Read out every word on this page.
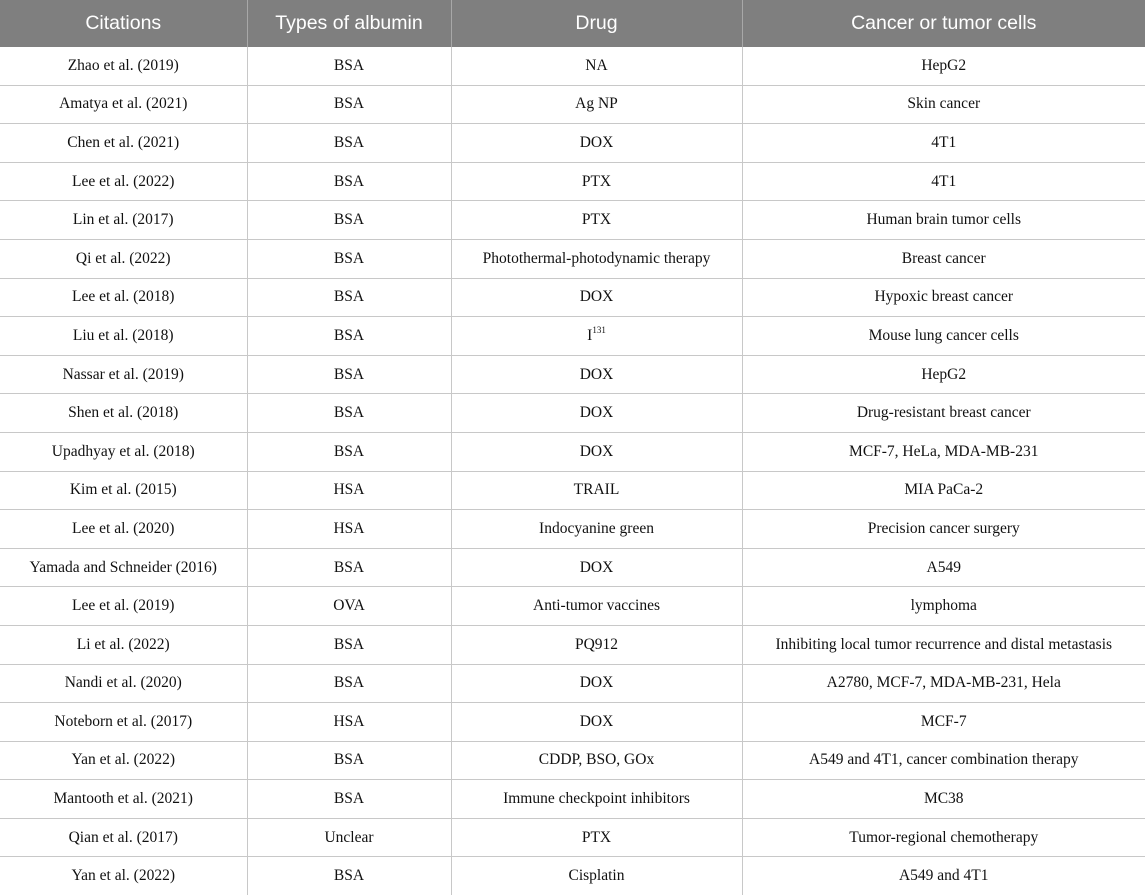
Citations	Types of albumin	Drug	Cancer or tumor cells
Zhao et al. (2019)	BSA	NA	HepG2
Amatya et al. (2021)	BSA	Ag NP	Skin cancer
Chen et al. (2021)	BSA	DOX	4T1
Lee et al. (2022)	BSA	PTX	4T1
Lin et al. (2017)	BSA	PTX	Human brain tumor cells
Qi et al. (2022)	BSA	Photothermal-photodynamic therapy	Breast cancer
Lee et al. (2018)	BSA	DOX	Hypoxic breast cancer
Liu et al. (2018)	BSA	$I^{131}$	Mouse lung cancer cells
Nassar et al. (2019)	BSA	DOX	HepG2
Shen et al. (2018)	BSA	DOX	Drug-resistant breast cancer
Upadhyay et al. (2018)	BSA	DOX	MCF-7, HeLa, MDA-MB-231
Kim et al. (2015)	HSA	TRAIL	MIA PaCa-2
Lee et al. (2020)	HSA	Indocyanine green	Precision cancer surgery
Yamada and Schneider (2016)	BSA	DOX	A549
Lee et al. (2019)	OVA	Anti-tumor vaccines	lymphoma
Li et al. (2022)	BSA	PQ912	Inhibiting local tumor recurrence and distal metastasis
Nandi et al. (2020)	BSA	DOX	A2780, MCF-7, MDA-MB-231, Hela
Noteborn et al. (2017)	HSA	DOX	MCF-7
Yan et al. (2022)	BSA	CDDP, BSO, GOx	A549 and 4T1, cancer combination therapy
Mantooth et al. (2021)	BSA	Immune checkpoint inhibitors	MC38
Qian et al. (2017)	Unclear	PTX	Tumor-regional chemotherapy
Yan et al. (2022)	BSA	Cisplatin	A549 and 4T1
